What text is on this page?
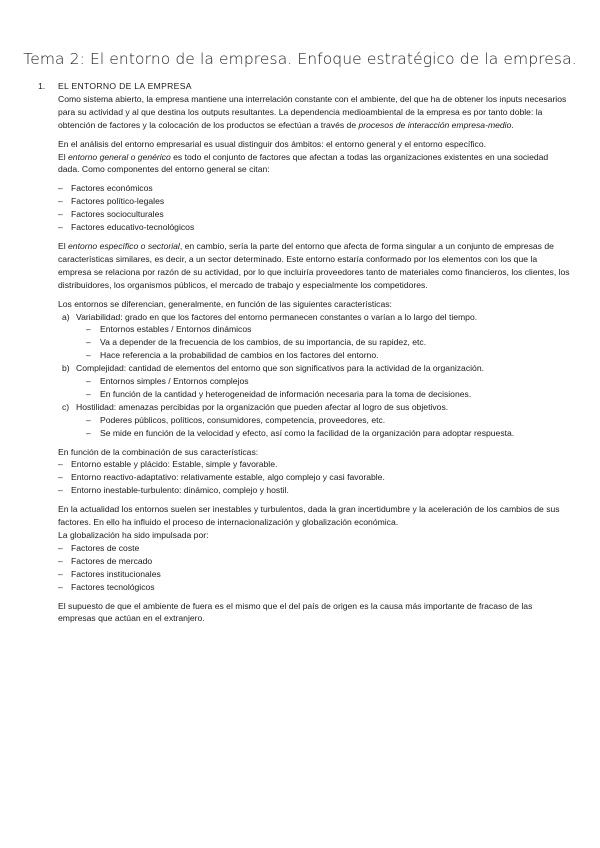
Tema 2: El entorno de la empresa. Enfoque estratégico de la empresa.
1.	EL ENTORNO DE LA EMPRESA

Como sistema abierto, la empresa mantiene una interrelación constante con el ambiente, del que ha de obtener los inputs necesarios para su actividad y al que destina los outputs resultantes. La dependencia medioambiental de la empresa es por tanto doble: la obtención de factores y la colocación de los productos se efectúan a través de procesos de interacción empresa-medio.

En el análisis del entorno empresarial es usual distinguir dos ámbitos: el entorno general y el entorno específico.

El entorno general o genérico es todo el conjunto de factores que afectan a todas las organizaciones existentes en una sociedad dada. Como componentes del entorno general se citan:

– Factores económicos
– Factores político-legales
– Factores socioculturales
– Factores educativo-tecnológicos

El entorno específico o sectorial, en cambio, sería la parte del entorno que afecta de forma singular a un conjunto de empresas de características similares, es decir, a un sector determinado. Este entorno estaría conformado por los elementos con los que la empresa se relaciona por razón de su actividad, por lo que incluiría proveedores tanto de materiales como financieros, los clientes, los distribuidores, los organismos públicos, el mercado de trabajo y especialmente los competidores.

Los entornos se diferencian, generalmente, en función de las siguientes características:

a) Variabilidad: grado en que los factores del entorno permanecen constantes o varían a lo largo del tiempo.
– Entornos estables / Entornos dinámicos
– Va a depender de la frecuencia de los cambios, de su importancia, de su rapidez, etc.
– Hace referencia a la probabilidad de cambios en los factores del entorno.
b) Complejidad: cantidad de elementos del entorno que son significativos para la actividad de la organización.
– Entornos simples / Entornos complejos
– En función de la cantidad y heterogeneidad de información necesaria para la toma de decisiones.
c) Hostilidad: amenazas percibidas por la organización que pueden afectar al logro de sus objetivos.
– Poderes públicos, políticos, consumidores, competencia, proveedores, etc.
– Se mide en función de la velocidad y efecto, así como la facilidad de la organización para adoptar respuesta.

En función de la combinación de sus características:

– Entorno estable y plácido: Estable, simple y favorable.
– Entorno reactivo-adaptativo: relativamente estable, algo complejo y casi favorable.
– Entorno inestable-turbulento: dinámico, complejo y hostil.

En la actualidad los entornos suelen ser inestables y turbulentos, dada la gran incertidumbre y la aceleración de los cambios de sus factores. En ello ha influido el proceso de internacionalización y globalización económica.

La globalización ha sido impulsada por:

– Factores de coste
– Factores de mercado
– Factores institucionales
– Factores tecnológicos

El supuesto de que el ambiente de fuera es el mismo que el del país de origen es la causa más importante de fracaso de las empresas que actúan en el extranjero.
